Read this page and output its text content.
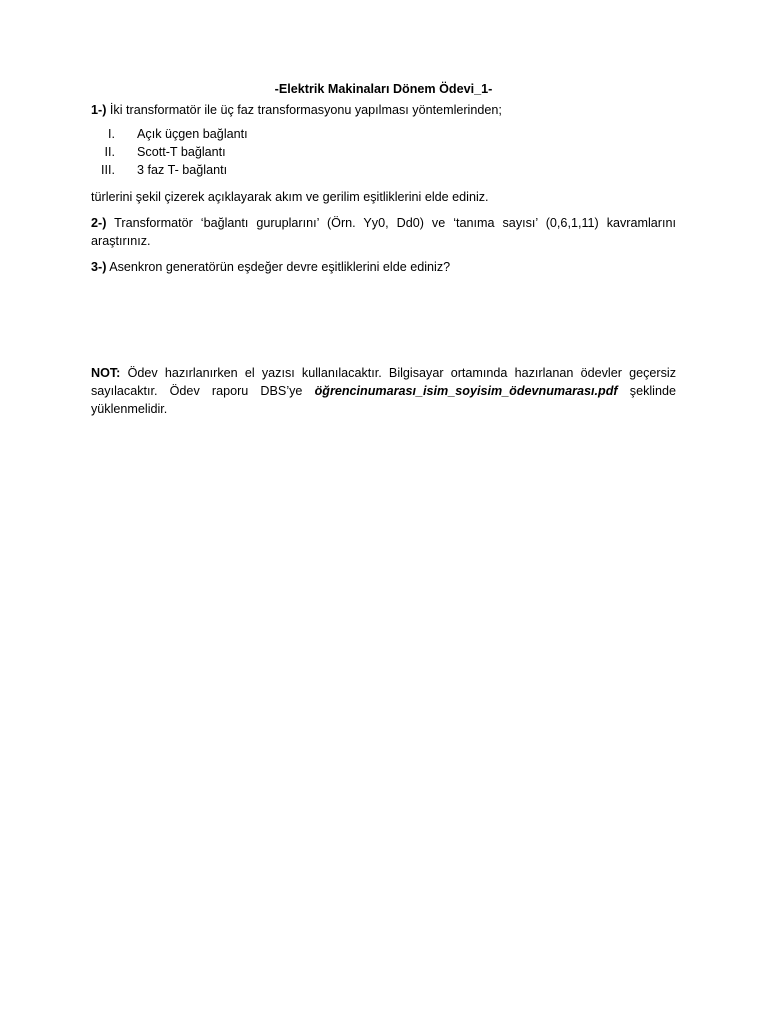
-Elektrik Makinaları Dönem Ödevi_1-

1-) İki transformatör ile üç faz transformasyonu yapılması yöntemlerinden;

I. Açık üçgen bağlantı
II. Scott-T bağlantı
III. 3 faz T- bağlantı

türlerini şekil çizerek açıklayarak akım ve gerilim eşitliklerini elde ediniz.

2-) Transformatör ‘bağlantı guruplarını’ (Örn. Yy0, Dd0) ve ‘tanıma sayısı’ (0,6,1,11) kavramlarını araştırınız.

3-) Asenkron generatörün eşdeğer devre eşitliklerini elde ediniz?

NOT: Ödev hazırlanırken el yazısı kullanılacaktır. Bilgisayar ortamında hazırlanan ödevler geçersiz sayılacaktır. Ödev raporu DBS’ye öğrencinumarası_isim_soyisim_ödevnumarası.pdf şeklinde yüklenmelidir.
